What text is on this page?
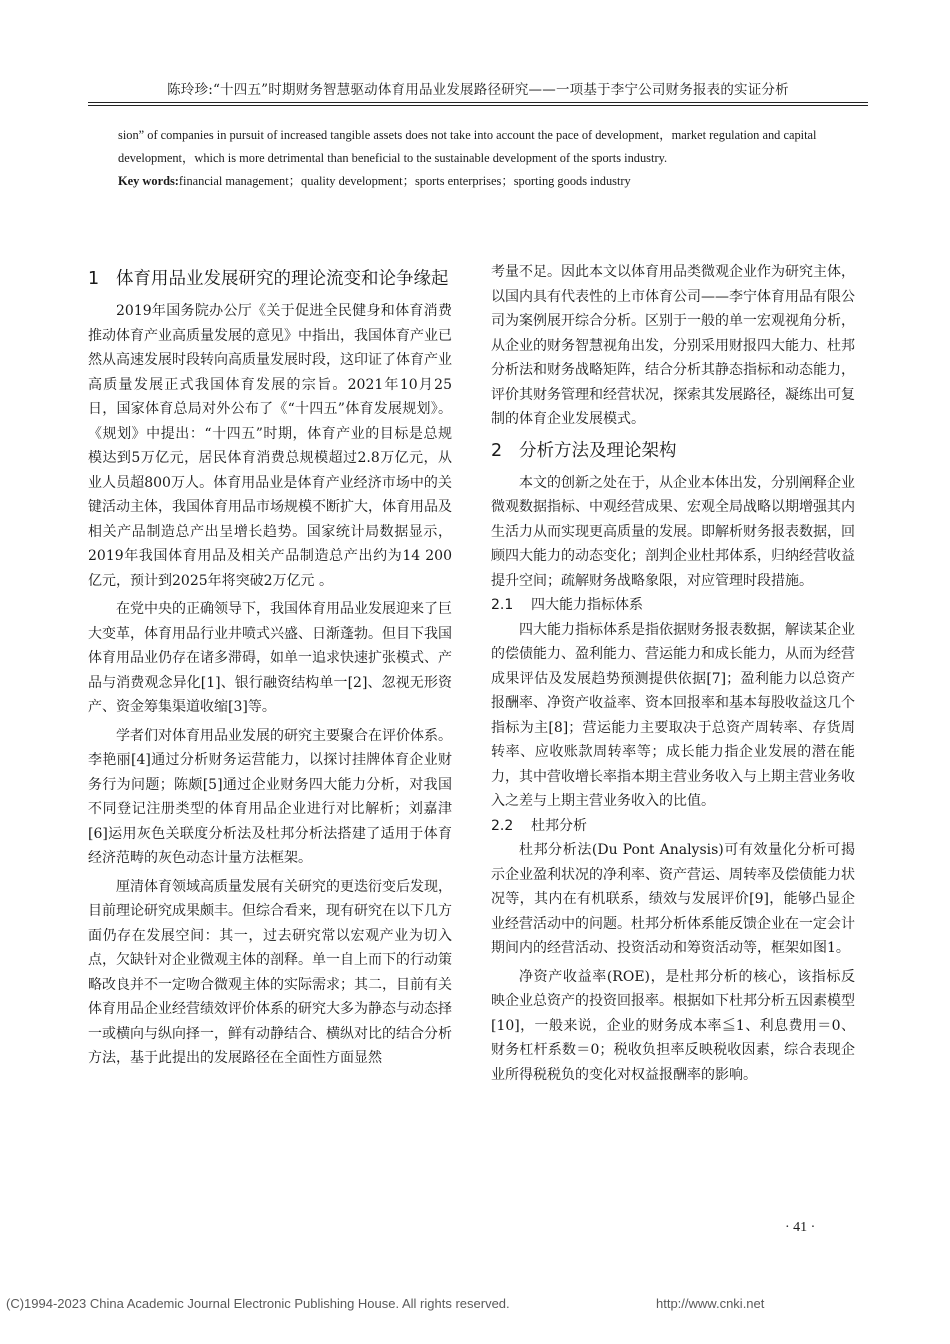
陈玲珍:“十四五”时期财务智慧驱动体育用品业发展路径研究——一项基于李宁公司财务报表的实证分析

sion” of companies in pursuit of increased tangible assets does not take into account the pace of development，market regulation and capital development，which is more detrimental than beneficial to the sustainable development of the sports industry.

Key words:financial management；quality development；sports enterprises；sporting goods industry

1 体育用品业发展研究的理论流变和论争缘起

2019年国务院办公厅《关于促进全民健身和体育消费推动体育产业高质量发展的意见》中指出，我国体育产业已然从高速发展时段转向高质量发展时段，这印证了体育产业高质量发展正式我国体育发展的宗旨。2021年10月25日，国家体育总局对外公布了《“十四五”体育发展规划》。《规划》中提出：“十四五”时期，体育产业的目标是总规模达到5万亿元，居民体育消费总规模超过2.8万亿元，从业人员超800万人。体育用品业是体育产业经济市场中的关键活动主体，我国体育用品市场规模不断扩大，体育用品及相关产品制造总产出呈增长趋势。国家统计局数据显示，2019年我国体育用品及相关产品制造总产出约为14 200亿元，预计到2025年将突破2万亿元 。

在党中央的正确领导下，我国体育用品业发展迎来了巨大变革，体育用品行业井喷式兴盛、日渐蓬勃。但目下我国体育用品业仍存在诸多滞碍，如单一追求快速扩张模式、产品与消费观念异化[1]、银行融资结构单一[2]、忽视无形资产、资金筹集渠道收缩[3]等。

学者们对体育用品业发展的研究主要聚合在评价体系。李艳丽[4]通过分析财务运营能力，以探讨挂牌体育企业财务行为问题；陈颇[5]通过企业财务四大能力分析，对我国不同登记注册类型的体育用品企业进行对比解析；刘嘉津[6]运用灰色关联度分析法及杜邦分析法搭建了适用于体育经济范畴的灰色动态计量方法框架。

厘清体育领域高质量发展有关研究的更迭衍变后发现，目前理论研究成果颇丰。但综合看来，现有研究在以下几方面仍存在发展空间：其一，过去研究常以宏观产业为切入点，欠缺针对企业微观主体的剖释。单一自上而下的行动策略改良并不一定吻合微观主体的实际需求；其二，目前有关体育用品企业经营绩效评价体系的研究大多为静态与动态择一或横向与纵向择一，鲜有动静结合、横纵对比的结合分析方法，基于此提出的发展路径在全面性方面显然

考量不足。因此本文以体育用品类微观企业作为研究主体，以国内具有代表性的上市体育公司——李宁体育用品有限公司为案例展开综合分析。区别于一般的单一宏观视角分析，从企业的财务智慧视角出发，分别采用财报四大能力、杜邦分析法和财务战略矩阵，结合分析其静态指标和动态能力，评价其财务管理和经营状况，探索其发展路径，凝练出可复制的体育企业发展模式。

2 分析方法及理论架构

本文的创新之处在于，从企业本体出发，分别阐释企业微观数据指标、中观经营成果、宏观全局战略以期增强其内生活力从而实现更高质量的发展。即解析财务报表数据，回顾四大能力的动态变化；剖判企业杜邦体系，归纳经营收益提升空间；疏解财务战略象限，对应管理时段措施。

2.1 四大能力指标体系

四大能力指标体系是指依据财务报表数据，解读某企业的偿债能力、盈利能力、营运能力和成长能力，从而为经营成果评估及发展趋势预测提供依据[7]；盈利能力以总资产报酬率、净资产收益率、资本回报率和基本每股收益这几个指标为主[8]；营运能力主要取决于总资产周转率、存货周转率、应收账款周转率等；成长能力指企业发展的潜在能力，其中营收增长率指本期主营业务收入与上期主营业务收入之差与上期主营业务收入的比值。

2.2 杜邦分析

杜邦分析法(Du Pont Analysis)可有效量化分析可揭示企业盈利状况的净利率、资产营运、周转率及偿债能力状况等，其内在有机联系，绩效与发展评价[9]，能够凸显企业经营活动中的问题。杜邦分析体系能反馈企业在一定会计期间内的经营活动、投资活动和筹资活动等，框架如图1。

净资产收益率(ROE)，是杜邦分析的核心，该指标反映企业总资产的投资回报率。根据如下杜邦分析五因素模型[10]，一般来说，企业的财务成本率≦1、利息费用＝0、财务杠杆系数＝0；税收负担率反映税收因素，综合表现企业所得税税负的变化对权益报酬率的影响。

· 41 ·
(C)1994-2023 China Academic Journal Electronic Publishing House. All rights reserved.	http://www.cnki.net
